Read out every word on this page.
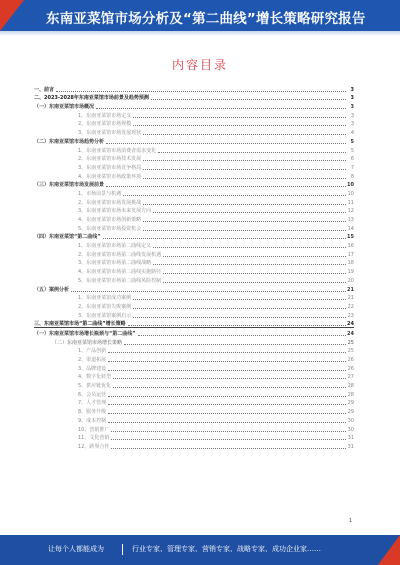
东南亚菜馆市场分析及“第二曲线”增长策略研究报告
内容目录
一、前言	3
二、2023-2028年东南亚菜馆市场前景及趋势预测	3
（一）东南亚菜馆市场概况	3
1、东南亚菜馆市场定义	3
2、东南亚菜馆市场规模	3
3、东南亚菜馆市场发展现状	4
（二）东南亚菜馆市场趋势分析	5
1、东南亚菜馆市场消费者需求变化	5
2、东南亚菜馆市场技术发展	6
3、东南亚菜馆市场竞争格局	7
4、东南亚菜馆市场政策环境	8
（三）东南亚菜馆市场发展前景	10
1、市场前景与机遇	10
2、东南亚菜馆市场发展挑战	11
3、东南亚菜馆市场未来发展方向	12
4、东南亚菜馆市场创新策略	13
5、东南亚菜馆市场投资机会	14
（四）东南亚菜馆“第二曲线”	15
1、东南亚菜馆市场第二曲线定义	16
2、东南亚菜馆市场第二曲线发展机遇	17
3、东南亚菜馆市场第二曲线战略	18
4、东南亚菜馆市场第二曲线实施路径	19
5、东南亚菜馆市场第二曲线风险控制	20
（五）案例分析	21
1、东南亚菜馆成功案例	21
2、东南亚菜馆失败案例	22
3、东南亚菜馆案例启示	23
三、东南亚菜馆市场“第二曲线”增长策略	24
（一）东南亚菜馆市场增长瓶颈与“第二曲线”	24
（二）东南亚菜馆市场增长策略	25
1、产品创新	25
2、渠道拓展	26
3、品牌建设	26
4、数字化转型	27
5、供应链优化	28
6、会员运营	28
7、人才管理	29
8、服务升级	29
9、成本控制	30
10、营销推广	30
11、文化营销	31
12、跨界合作	31
1
让每个人都能成为	行业专家、管理专家、营销专家、战略专家、成功企业家……
